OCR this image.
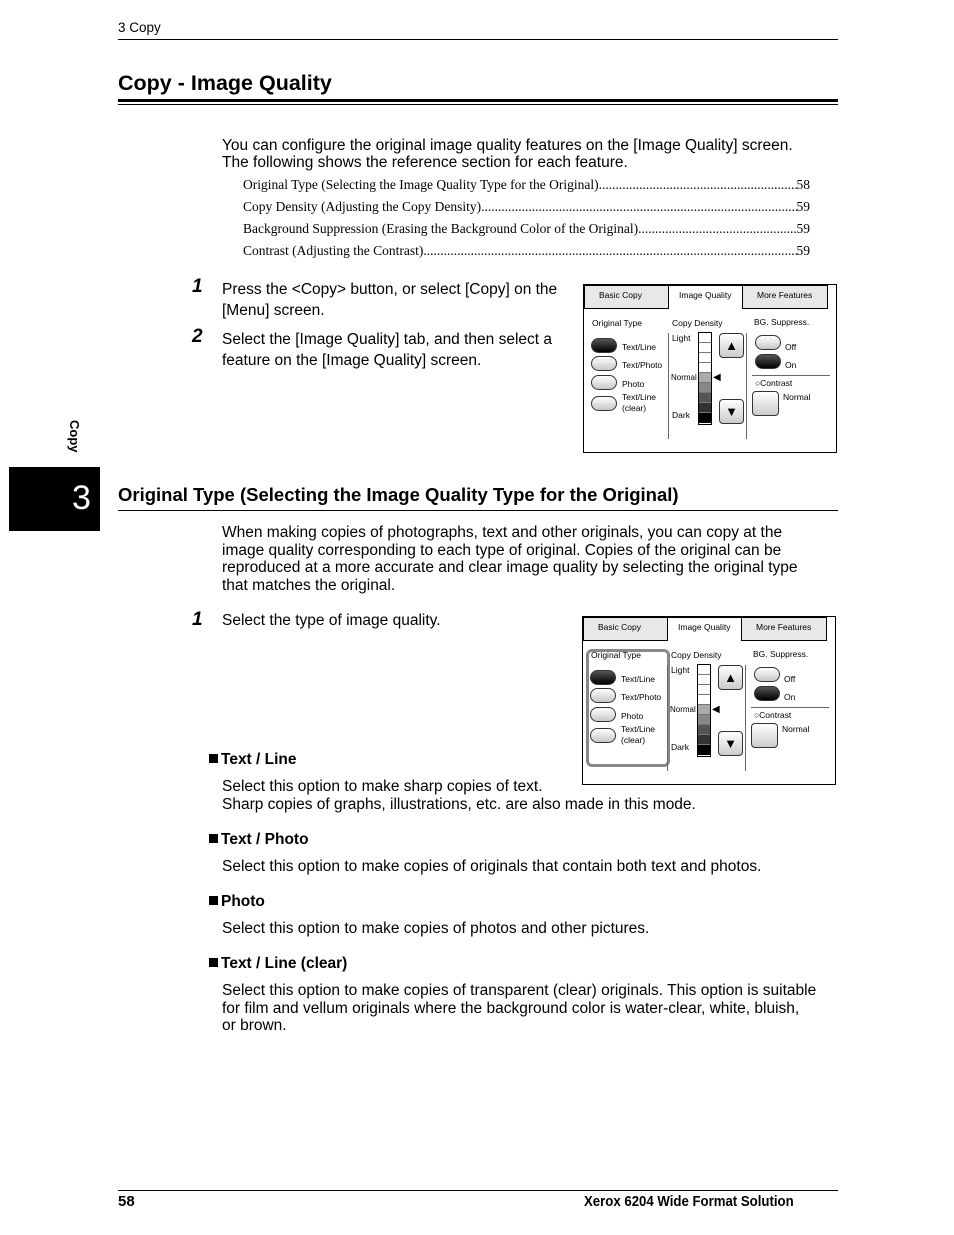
3 Copy
Copy - Image Quality
You can configure the original image quality features on the [Image Quality] screen.
The following shows the reference section for each feature.
Original Type (Selecting the Image Quality Type for the Original) .....	58
Copy Density (Adjusting the Copy Density) .....	59
Background Suppression (Erasing the Background Color of the Original) .....	59
Contrast (Adjusting the Contrast) .....	59
1 Press the <Copy> button, or select [Copy] on the
[Menu] screen.
2 Select the [Image Quality] tab, and then select a
feature on the [Image Quality] screen.
Basic Copy	Image Quality	More Features
Original Type
Text/Line
Text/Photo
Photo
Text/Line
(clear)
Copy Density
Light
Normal
Dark
◀
▲
▼
BG. Suppress.
Off
On
○Contrast
Normal
Copy
3 Original Type (Selecting the Image Quality Type for the Original)
When making copies of photographs, text and other originals, you can copy at the
image quality corresponding to each type of original. Copies of the original can be
reproduced at a more accurate and clear image quality by selecting the original type
that matches the original.
1 Select the type of image quality.	Basic Copy	Image Quality	More Features
Original Type
Text/Line
Text/Photo
Photo
Text/Line
(clear)
Copy Density
Light
Normal
Dark
◀
▲
▼
BG. Suppress.
Off
On
○Contrast
Normal
Text / Line
Select this option to make sharp copies of text.
Sharp copies of graphs, illustrations, etc. are also made in this mode.
Text / Photo
Select this option to make copies of originals that contain both text and photos.
Photo
Select this option to make copies of photos and other pictures.
Text / Line (clear)
Select this option to make copies of transparent (clear) originals. This option is suitable
for film and vellum originals where the background color is water-clear, white, bluish,
or brown.
58	Xerox 6204 Wide Format Solution
